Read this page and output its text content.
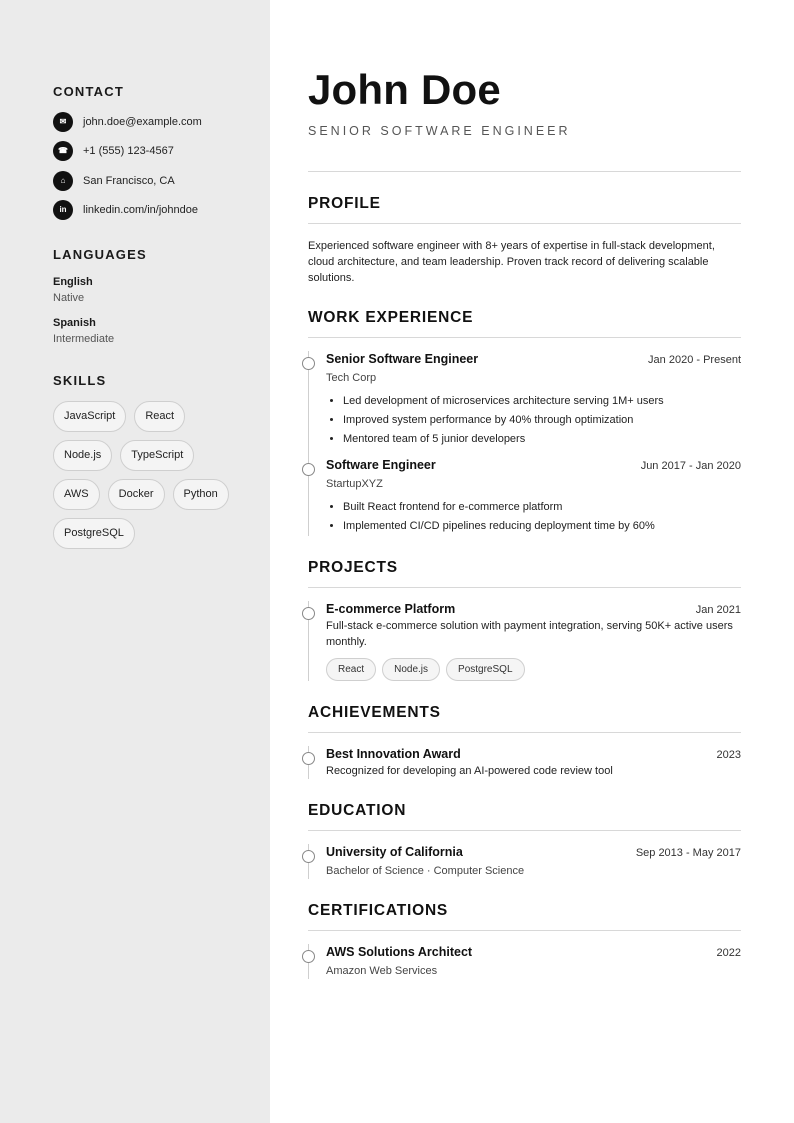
CONTACT
✉	john.doe@example.com
☎	+1 (555) 123-4567
⌂	San Francisco, CA
in	linkedin.com/in/johndoe
LANGUAGES
English
Native
Spanish
Intermediate
SKILLS
JavaScript	React
Node.js	TypeScript
AWS	Docker	Python
PostgreSQL
John Doe
SENIOR SOFTWARE ENGINEER
PROFILE

Experienced software engineer with 8+ years of expertise in full-stack development, cloud architecture, and team leadership. Proven track record of delivering scalable solutions.

WORK EXPERIENCE
Senior Software Engineer	Jan 2020 - Present
Tech Corp
• Led development of microservices architecture serving 1M+ users
• Improved system performance by 40% through optimization
• Mentored team of 5 junior developers
Software Engineer	Jun 2017 - Jan 2020
StartupXYZ
• Built React frontend for e-commerce platform
• Implemented CI/CD pipelines reducing deployment time by 60%
PROJECTS
E-commerce Platform	Jan 2021
Full-stack e-commerce solution with payment integration, serving 50K+ active users monthly.
React	Node.js	PostgreSQL
ACHIEVEMENTS
Best Innovation Award	2023
Recognized for developing an AI-powered code review tool
EDUCATION
University of California	Sep 2013 - May 2017
Bachelor of Science · Computer Science
CERTIFICATIONS
AWS Solutions Architect	2022
Amazon Web Services
